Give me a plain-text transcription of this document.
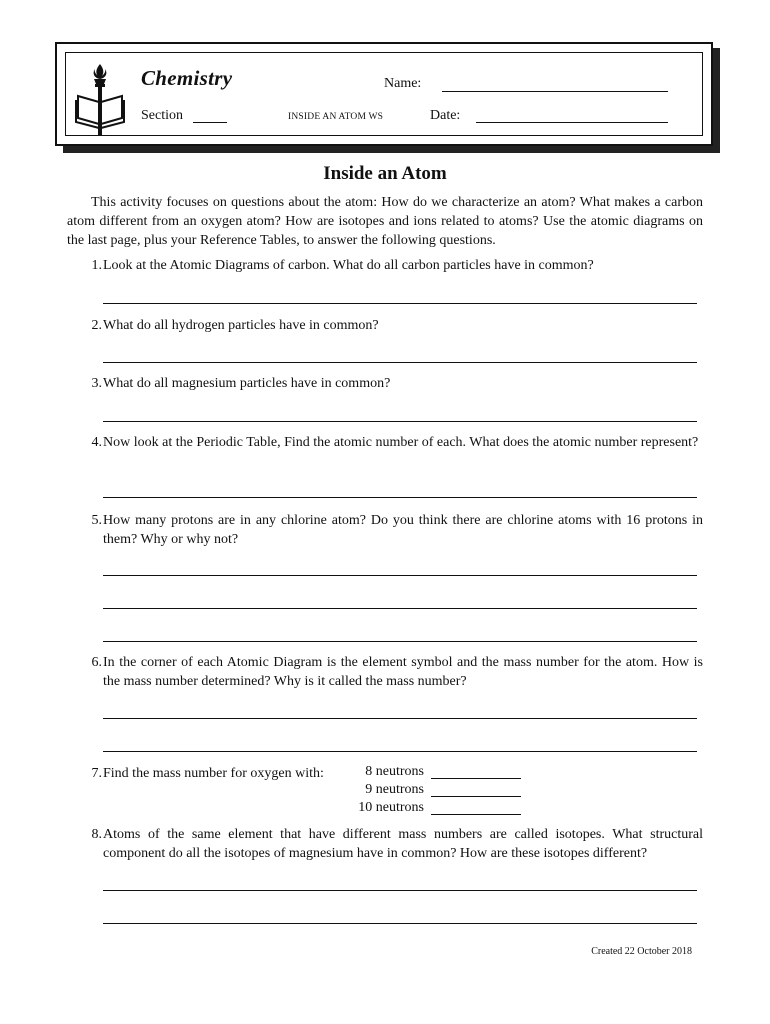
Chemistry	Name:
Section	INSIDE AN ATOM WS	Date:
Inside an Atom
This activity focuses on questions about the atom: How do we characterize an atom? What makes a carbon atom different from an oxygen atom? How are isotopes and ions related to atoms? Use the atomic diagrams on the last page, plus your Reference Tables, to answer the following questions.
1. Look at the Atomic Diagrams of carbon. What do all carbon particles have in common?
2. What do all hydrogen particles have in common?
3. What do all magnesium particles have in common?
4. Now look at the Periodic Table, Find the atomic number of each. What does the atomic number represent?
5. How many protons are in any chlorine atom? Do you think there are chlorine atoms with 16 protons in them? Why or why not?
6. In the corner of each Atomic Diagram is the element symbol and the mass number for the atom. How is the mass number determined? Why is it called the mass number?
7. Find the mass number for oxygen with:	8 neutrons
9 neutrons
10 neutrons
8. Atoms of the same element that have different mass numbers are called isotopes. What structural component do all the isotopes of magnesium have in common? How are these isotopes different?
Created 22 October 2018
